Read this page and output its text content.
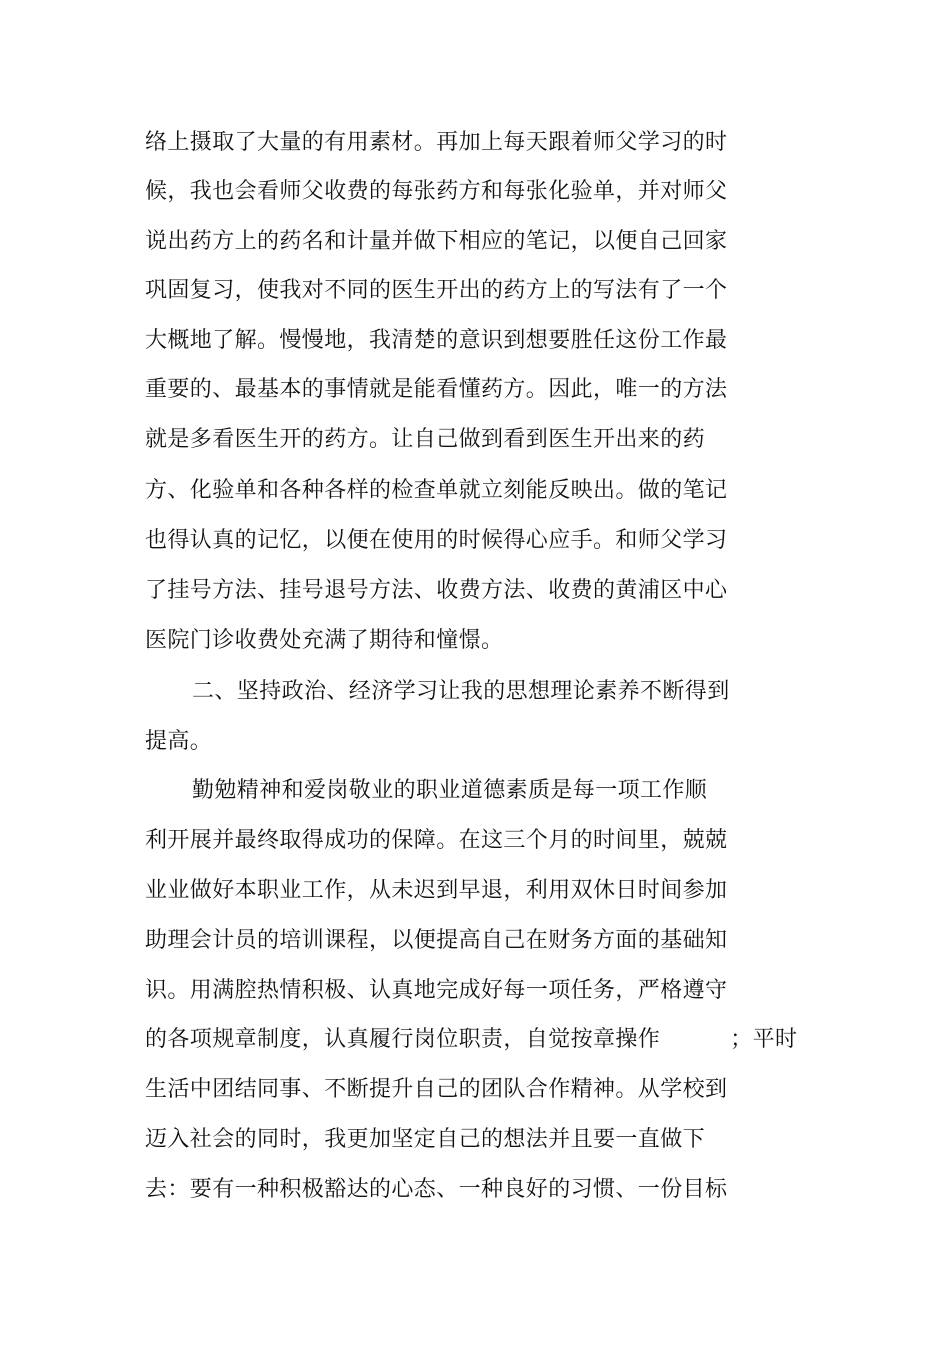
络上摄取了大量的有用素材。再加上每天跟着师父学习的时
候，我也会看师父收费的每张药方和每张化验单，并对师父
说出药方上的药名和计量并做下相应的笔记，以便自己回家
巩固复习，使我对不同的医生开出的药方上的写法有了一个
大概地了解。慢慢地，我清楚的意识到想要胜任这份工作最
重要的、最基本的事情就是能看懂药方。因此，唯一的方法
就是多看医生开的药方。让自己做到看到医生开出来的药
方、化验单和各种各样的检查单就立刻能反映出。做的笔记
也得认真的记忆，以便在使用的时候得心应手。和师父学习
了挂号方法、挂号退号方法、收费方法、收费的黄浦区中心
医院门诊收费处充满了期待和憧憬。
二、坚持政治、经济学习让我的思想理论素养不断得到
提高。
勤勉精神和爱岗敬业的职业道德素质是每一项工作顺
利开展并最终取得成功的保障。在这三个月的时间里，兢兢
业业做好本职业工作，从未迟到早退，利用双休日时间参加
助理会计员的培训课程，以便提高自己在财务方面的基础知
识。用满腔热情积极、认真地完成好每一项任务，严格遵守
的各项规章制度，认真履行岗位职责，自觉按章操作	；平时
生活中团结同事、不断提升自己的团队合作精神。从学校到
迈入社会的同时，我更加坚定自己的想法并且要一直做下
去：要有一种积极豁达的心态、一种良好的习惯、一份目标
